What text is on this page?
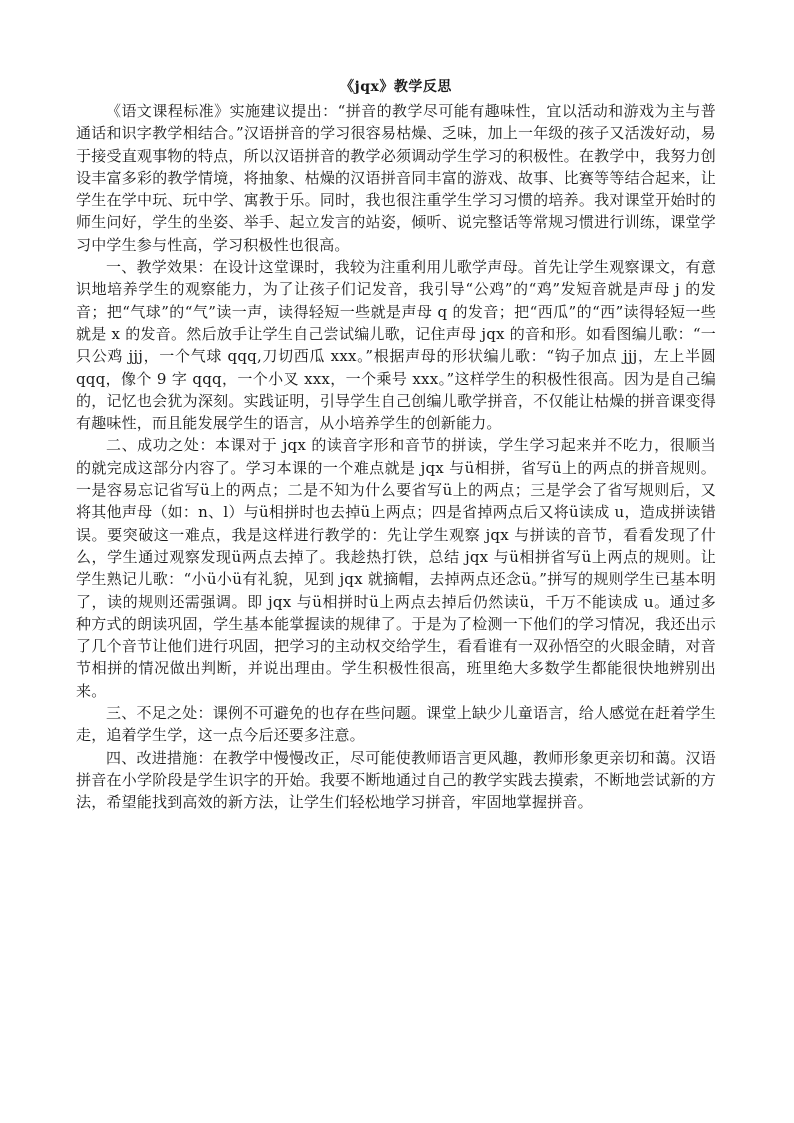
《jqx》教学反思

《语文课程标准》实施建议提出：“拼音的教学尽可能有趣味性，宜以活动和游戏为主与普通话和识字教学相结合。”汉语拼音的学习很容易枯燥、乏味，加上一年级的孩子又活泼好动，易于接受直观事物的特点，所以汉语拼音的教学必须调动学生学习的积极性。在教学中，我努力创设丰富多彩的教学情境，将抽象、枯燥的汉语拼音同丰富的游戏、故事、比赛等等结合起来，让学生在学中玩、玩中学、寓教于乐。同时，我也很注重学生学习习惯的培养。我对课堂开始时的师生问好，学生的坐姿、举手、起立发言的站姿，倾听、说完整话等常规习惯进行训练，课堂学习中学生参与性高，学习积极性也很高。

一、教学效果：在设计这堂课时，我较为注重利用儿歌学声母。首先让学生观察课文，有意识地培养学生的观察能力，为了让孩子们记发音，我引导“公鸡”的“鸡”发短音就是声母 j 的发音；把“气球”的“气”读一声，读得轻短一些就是声母 q 的发音；把“西瓜”的“西”读得轻短一些就是 x 的发音。然后放手让学生自己尝试编儿歌，记住声母 jqx 的音和形。如看图编儿歌：“一只公鸡 jjj，一个气球 qqq,刀切西瓜 xxx。”根据声母的形状编儿歌：“钩子加点 jjj，左上半圆 qqq，像个 9 字 qqq，一个小叉 xxx，一个乘号 xxx。”这样学生的积极性很高。因为是自己编的，记忆也会犹为深刻。实践证明，引导学生自己创编儿歌学拼音，不仅能让枯燥的拼音课变得有趣味性，而且能发展学生的语言，从小培养学生的创新能力。

二、成功之处：本课对于 jqx 的读音字形和音节的拼读，学生学习起来并不吃力，很顺当的就完成这部分内容了。学习本课的一个难点就是 jqx 与ü相拼，省写ü上的两点的拼音规则。一是容易忘记省写ü上的两点；二是不知为什么要省写ü上的两点；三是学会了省写规则后，又将其他声母（如：n、l）与ü相拼时也去掉ü上两点；四是省掉两点后又将ü读成 u，造成拼读错误。要突破这一难点，我是这样进行教学的：先让学生观察 jqx 与拼读的音节，看看发现了什么，学生通过观察发现ü两点去掉了。我趁热打铁，总结 jqx 与ü相拼省写ü上两点的规则。让学生熟记儿歌：“小ü小ü有礼貌，见到 jqx 就摘帽，去掉两点还念ü。”拼写的规则学生已基本明了，读的规则还需强调。即 jqx 与ü相拼时ü上两点去掉后仍然读ü，千万不能读成 u。通过多种方式的朗读巩固，学生基本能掌握读的规律了。于是为了检测一下他们的学习情况，我还出示了几个音节让他们进行巩固，把学习的主动权交给学生，看看谁有一双孙悟空的火眼金睛，对音节相拼的情况做出判断，并说出理由。学生积极性很高，班里绝大多数学生都能很快地辨别出来。

三、不足之处：课例不可避免的也存在些问题。课堂上缺少儿童语言，给人感觉在赶着学生走，追着学生学，这一点今后还要多注意。

四、改进措施：在教学中慢慢改正，尽可能使教师语言更风趣，教师形象更亲切和蔼。汉语拼音在小学阶段是学生识字的开始。我要不断地通过自己的教学实践去摸索，不断地尝试新的方法，希望能找到高效的新方法，让学生们轻松地学习拼音，牢固地掌握拼音。
